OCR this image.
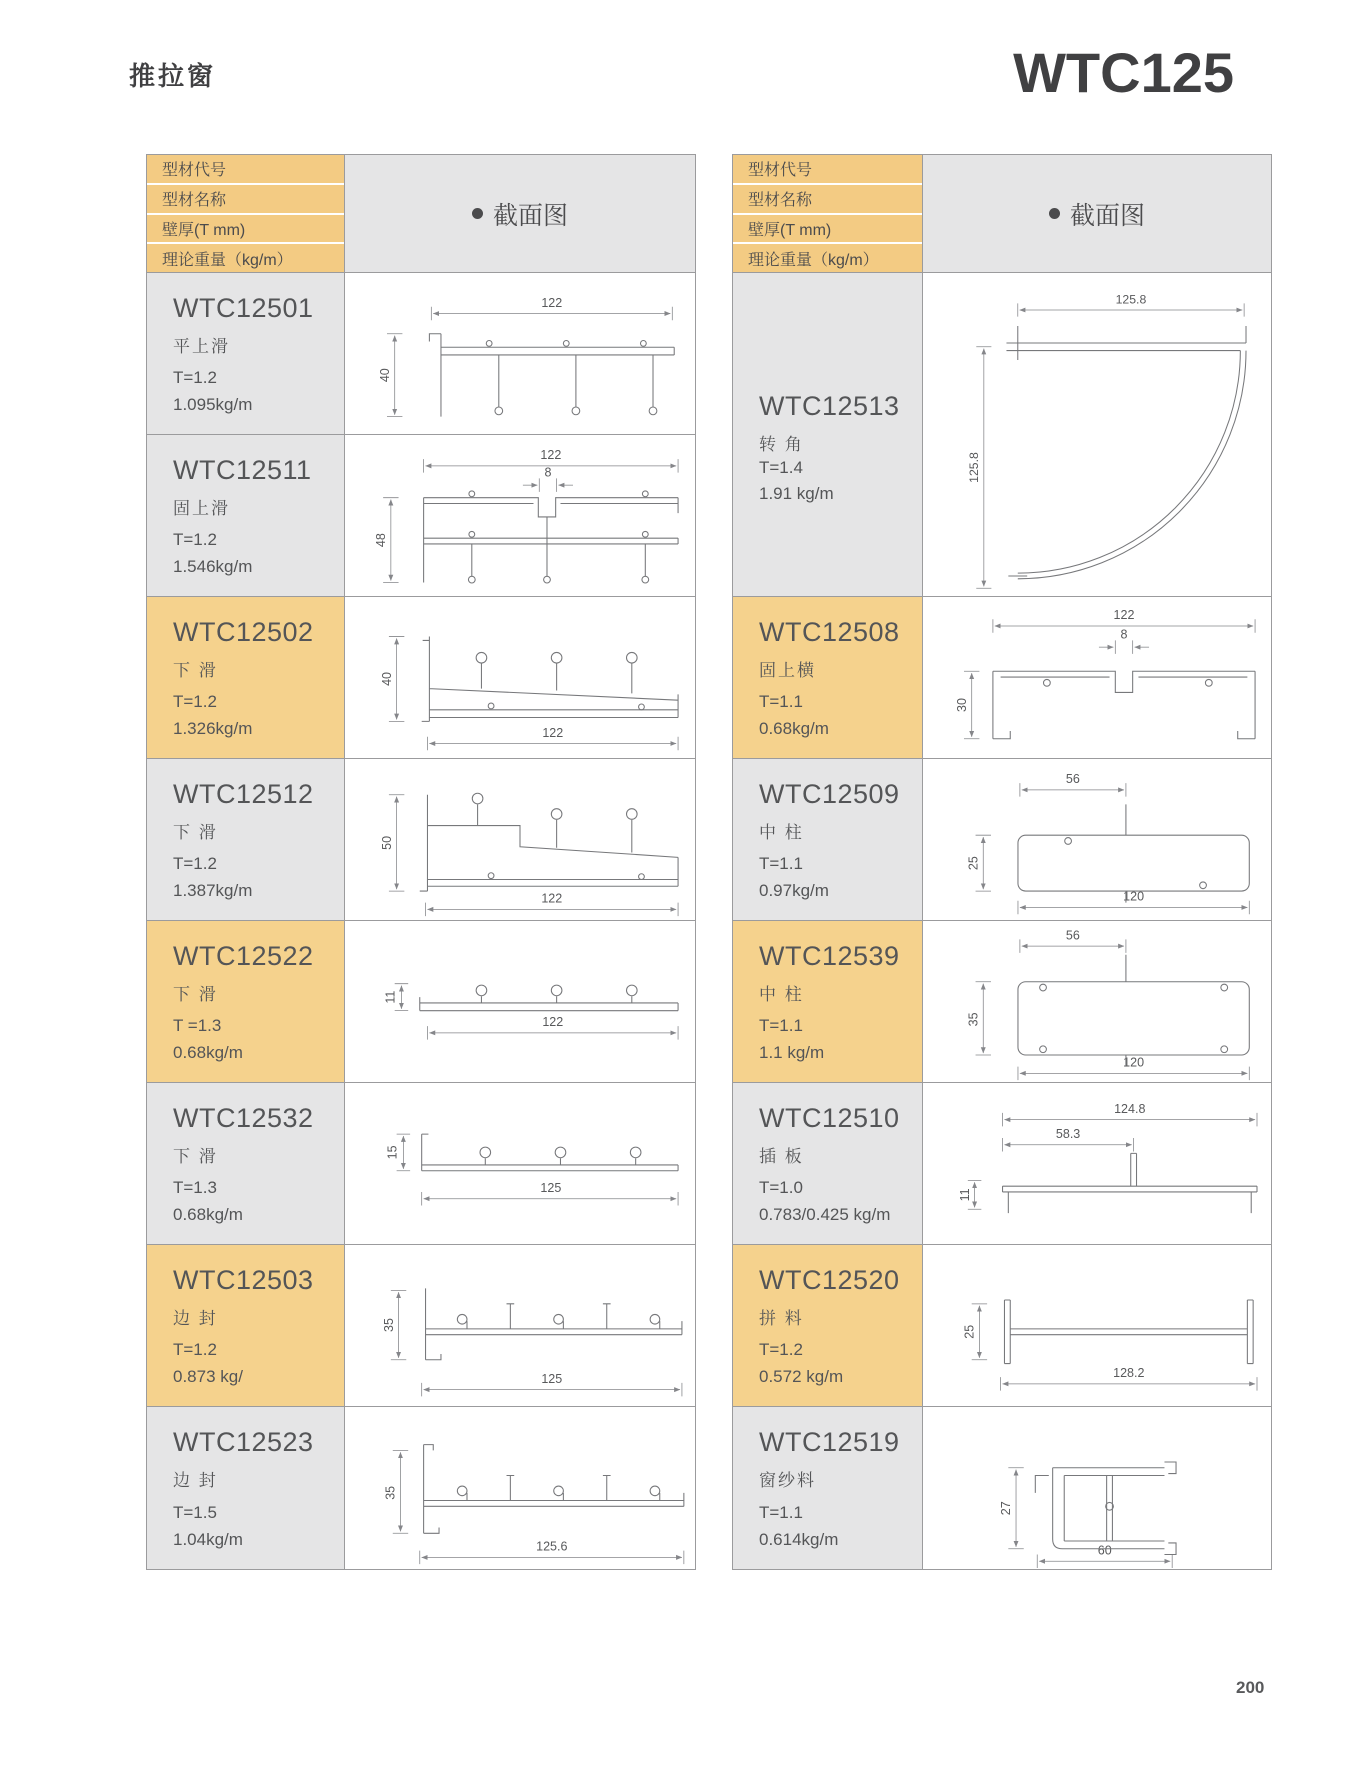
推拉窗	WTC125
型材代号
型材名称
壁厚(T mm)
理论重量（kg/m）
截面图
WTC12501
平上滑
T=1.2
1.095kg/m
122
40
WTC12511
固上滑
T=1.2
1.546kg/m
122
8
48
WTC12502
下 滑
T=1.2
1.326kg/m
40
122
WTC12512
下 滑
T=1.2
1.387kg/m
50
122
WTC12522
下 滑
T =1.3
0.68kg/m
11
122
WTC12532
下 滑
T=1.3
0.68kg/m
15
125
WTC12503
边 封
T=1.2
0.873 kg/
35
125
WTC12523
边 封
T=1.5
1.04kg/m
35
125.6
型材代号
型材名称
壁厚(T mm)
理论重量（kg/m）
截面图
WTC12513
转 角
T=1.4
1.91 kg/m
125.8
125.8
WTC12508
固上横
T=1.1
0.68kg/m
122
8
30
WTC12509
中 柱
T=1.1
0.97kg/m
56
25
120
WTC12539
中 柱
T=1.1
1.1 kg/m
56
35
120
WTC12510
插 板
T=1.0
0.783/0.425 kg/m
124.8
58.3
11
WTC12520
拼 料
T=1.2
0.572 kg/m
25
128.2
WTC12519
窗纱料
T=1.1
0.614kg/m
27
60
200
